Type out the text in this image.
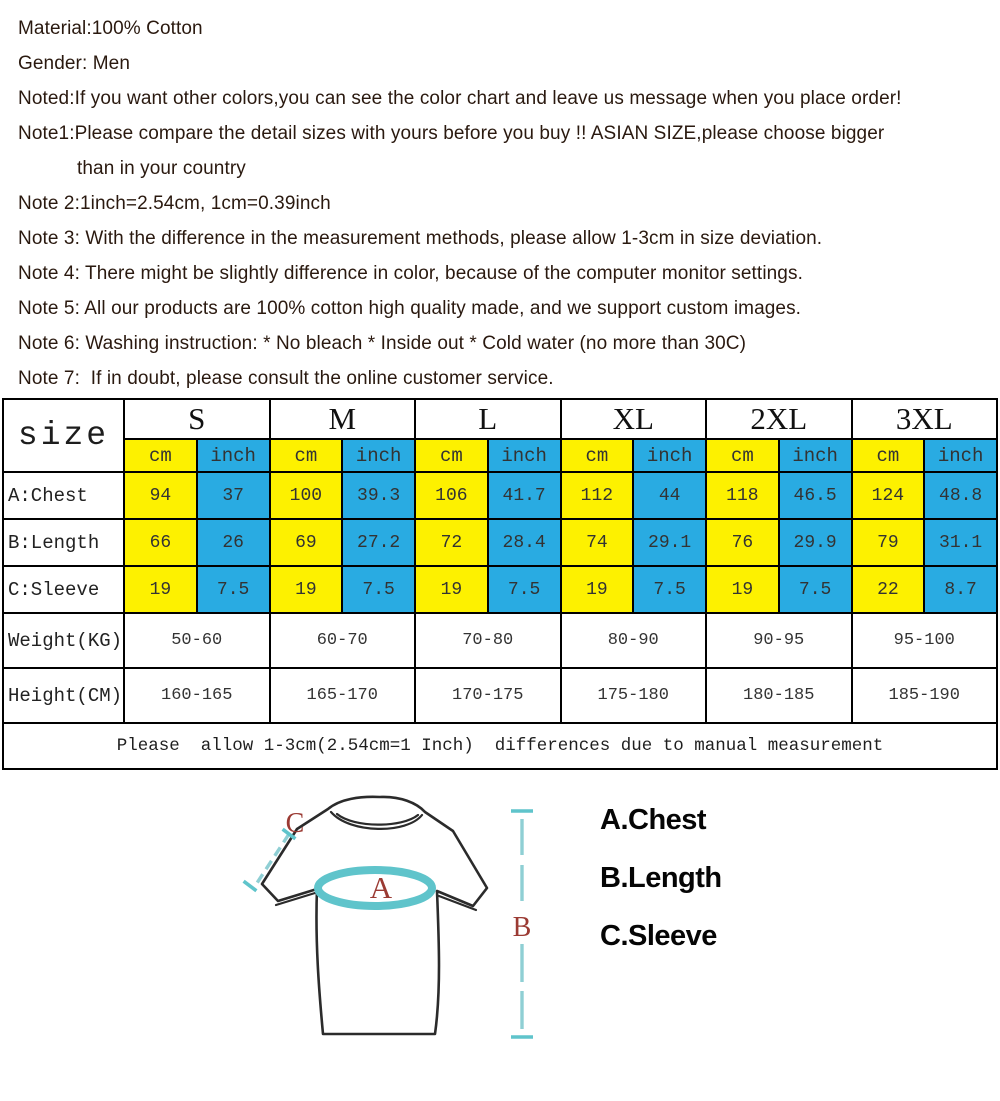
Material:100% Cotton
Gender: Men
Noted:If you want other colors,you can see the color chart and leave us message when you place order!
Note1:Please compare the detail sizes with yours before you buy !! ASIAN SIZE,please choose bigger
than in your country
Note 2:1inch=2.54cm, 1cm=0.39inch
Note 3: With the difference in the measurement methods, please allow 1-3cm in size deviation.
Note 4: There might be slightly difference in color, because of the computer monitor settings.
Note 5: All our products are 100% cotton high quality made, and we support custom images.
Note 6: Washing instruction: * No bleach * Inside out * Cold water (no more than 30C)
Note 7:  If in doubt, please consult the online customer service.
size	S		M		L		XL		2XL		3XL	
	cm	inch	cm	inch	cm	inch	cm	inch	cm	inch	cm	inch
A:Chest	94	37	100	39.3	106	41.7	112	44	118	46.5	124	48.8
B:Length	66	26	69	27.2	72	28.4	74	29.1	76	29.9	79	31.1
C:Sleeve	19	7.5	19	7.5	19	7.5	19	7.5	19	7.5	22	8.7
Weight(KG)	50-60		60-70		70-80		80-90		90-95		95-100	
Height(CM)	160-165		165-170		170-175		175-180		180-185		185-190	
Please  allow 1-3cm(2.54cm=1 Inch)  differences due to manual measurement												
A
C
B
A.Chest
B.Length
C.Sleeve
